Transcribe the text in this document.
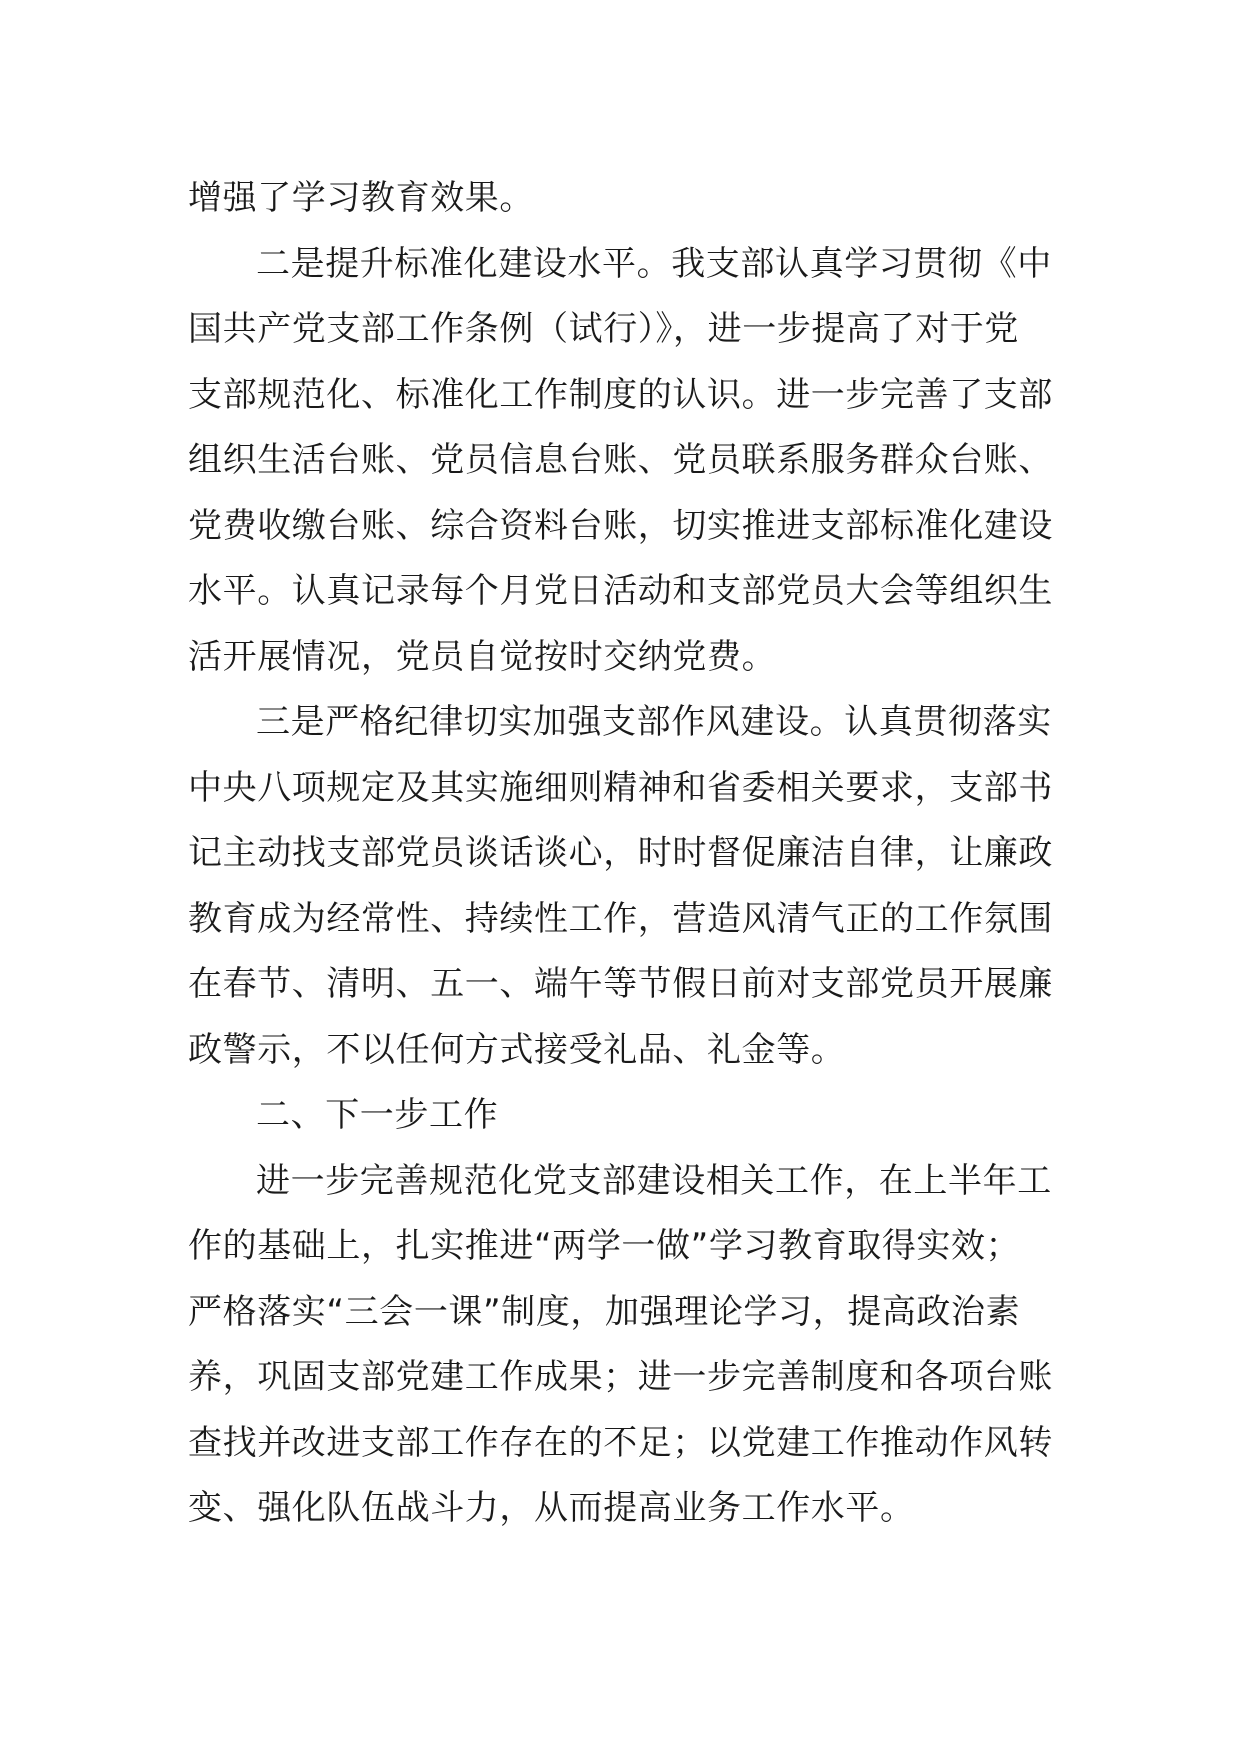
增强了学习教育效果。
二是提升标准化建设水平。我支部认真学习贯彻《中
国共产党支部工作条例（试行）》，进一步提高了对于党
支部规范化、标准化工作制度的认识。进一步完善了支部
组织生活台账、党员信息台账、党员联系服务群众台账、
党费收缴台账、综合资料台账，切实推进支部标准化建设
水平。认真记录每个月党日活动和支部党员大会等组织生
活开展情况，党员自觉按时交纳党费。
三是严格纪律切实加强支部作风建设。认真贯彻落实
中央八项规定及其实施细则精神和省委相关要求，支部书
记主动找支部党员谈话谈心，时时督促廉洁自律，让廉政
教育成为经常性、持续性工作，营造风清气正的工作氛围
在春节、清明、五一、端午等节假日前对支部党员开展廉
政警示，不以任何方式接受礼品、礼金等。
二、下一步工作
进一步完善规范化党支部建设相关工作，在上半年工
作的基础上，扎实推进“两学一做”学习教育取得实效；
严格落实“三会一课”制度，加强理论学习，提高政治素
养，巩固支部党建工作成果；进一步完善制度和各项台账
查找并改进支部工作存在的不足；以党建工作推动作风转
变、强化队伍战斗力，从而提高业务工作水平。
